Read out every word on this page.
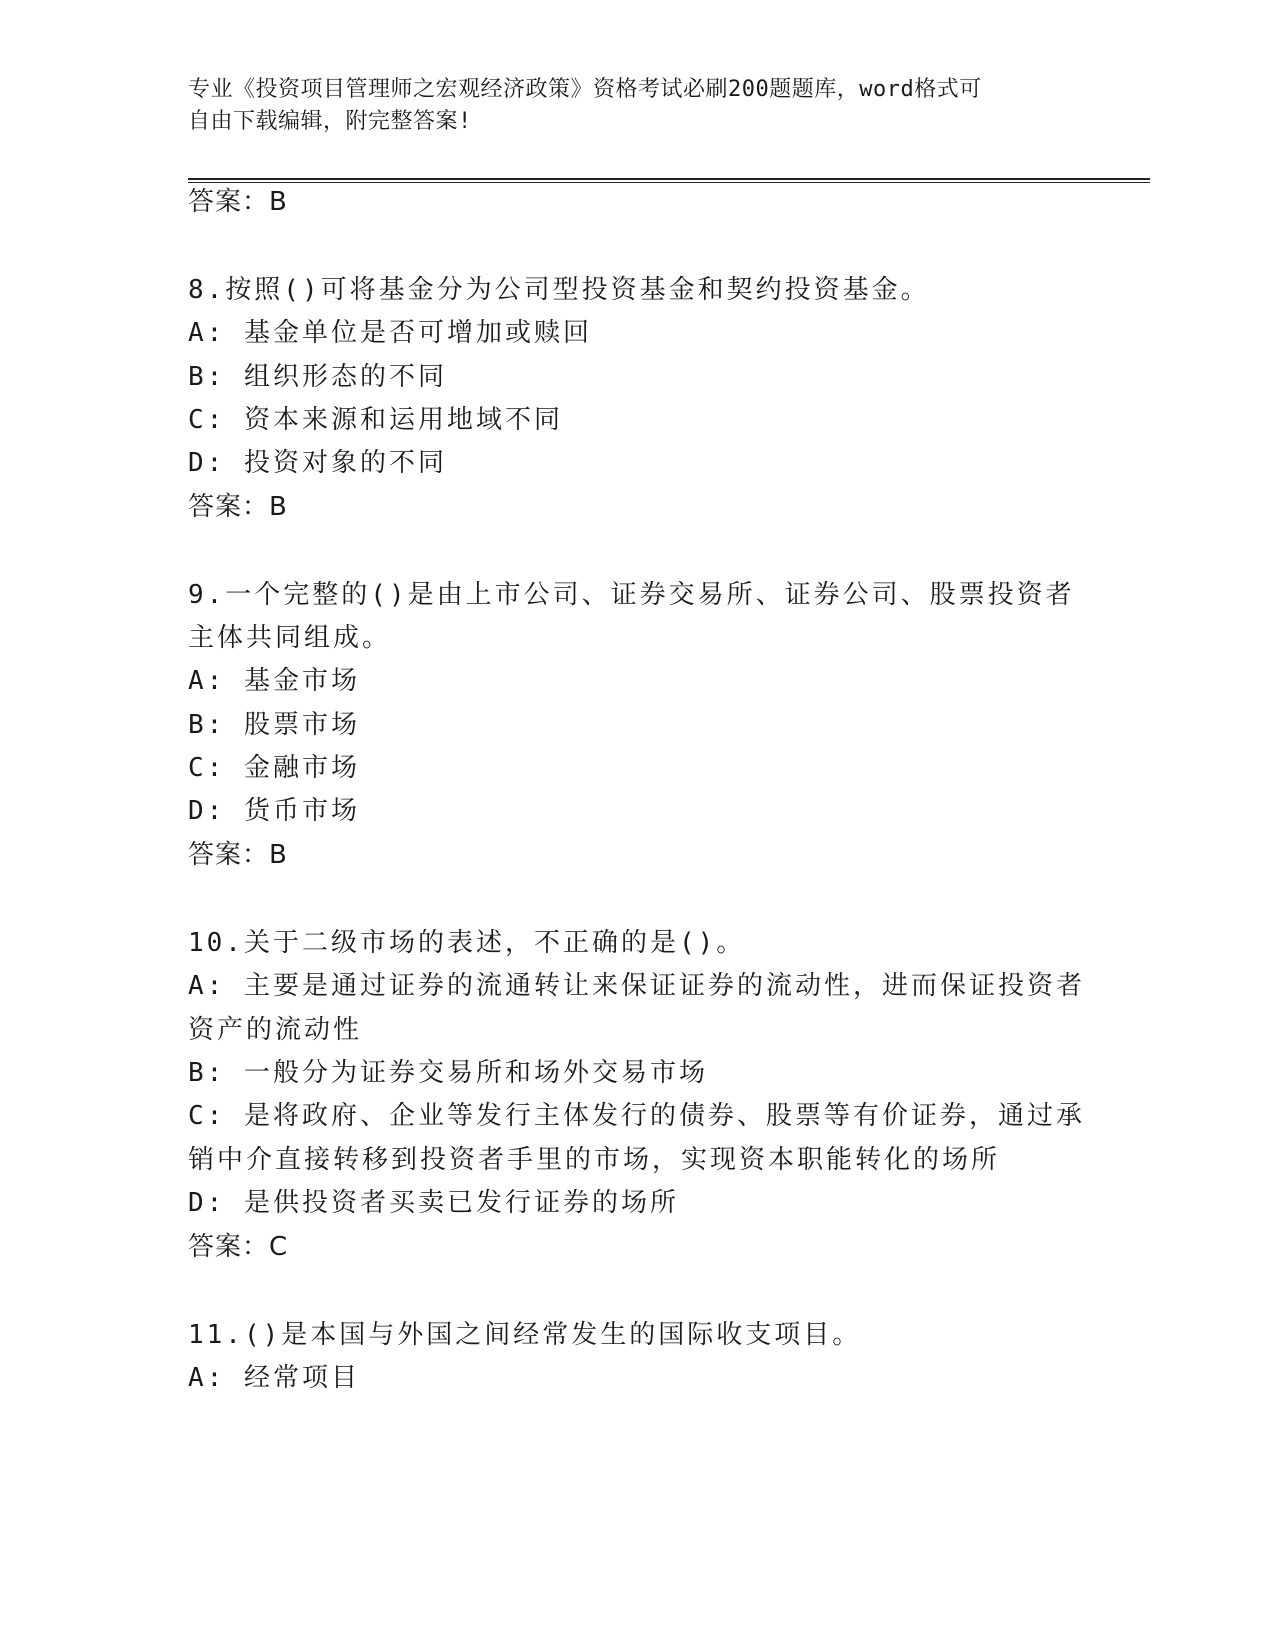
专业《投资项目管理师之宏观经济政策》资格考试必刷200题题库，word格式可
自由下载编辑，附完整答案!
答案：B
8.按照()可将基金分为公司型投资基金和契约投资基金。
A: 基金单位是否可增加或赎回
B: 组织形态的不同
C: 资本来源和运用地域不同
D: 投资对象的不同
答案：B
9.一个完整的()是由上市公司、证券交易所、证券公司、股票投资者
主体共同组成。
A: 基金市场
B: 股票市场
C: 金融市场
D: 货币市场
答案：B
10.关于二级市场的表述，不正确的是()。
A: 主要是通过证券的流通转让来保证证券的流动性，进而保证投资者
资产的流动性
B: 一般分为证券交易所和场外交易市场
C: 是将政府、企业等发行主体发行的债券、股票等有价证券，通过承
销中介直接转移到投资者手里的市场，实现资本职能转化的场所
D: 是供投资者买卖已发行证券的场所
答案：C
11.()是本国与外国之间经常发生的国际收支项目。
A: 经常项目
